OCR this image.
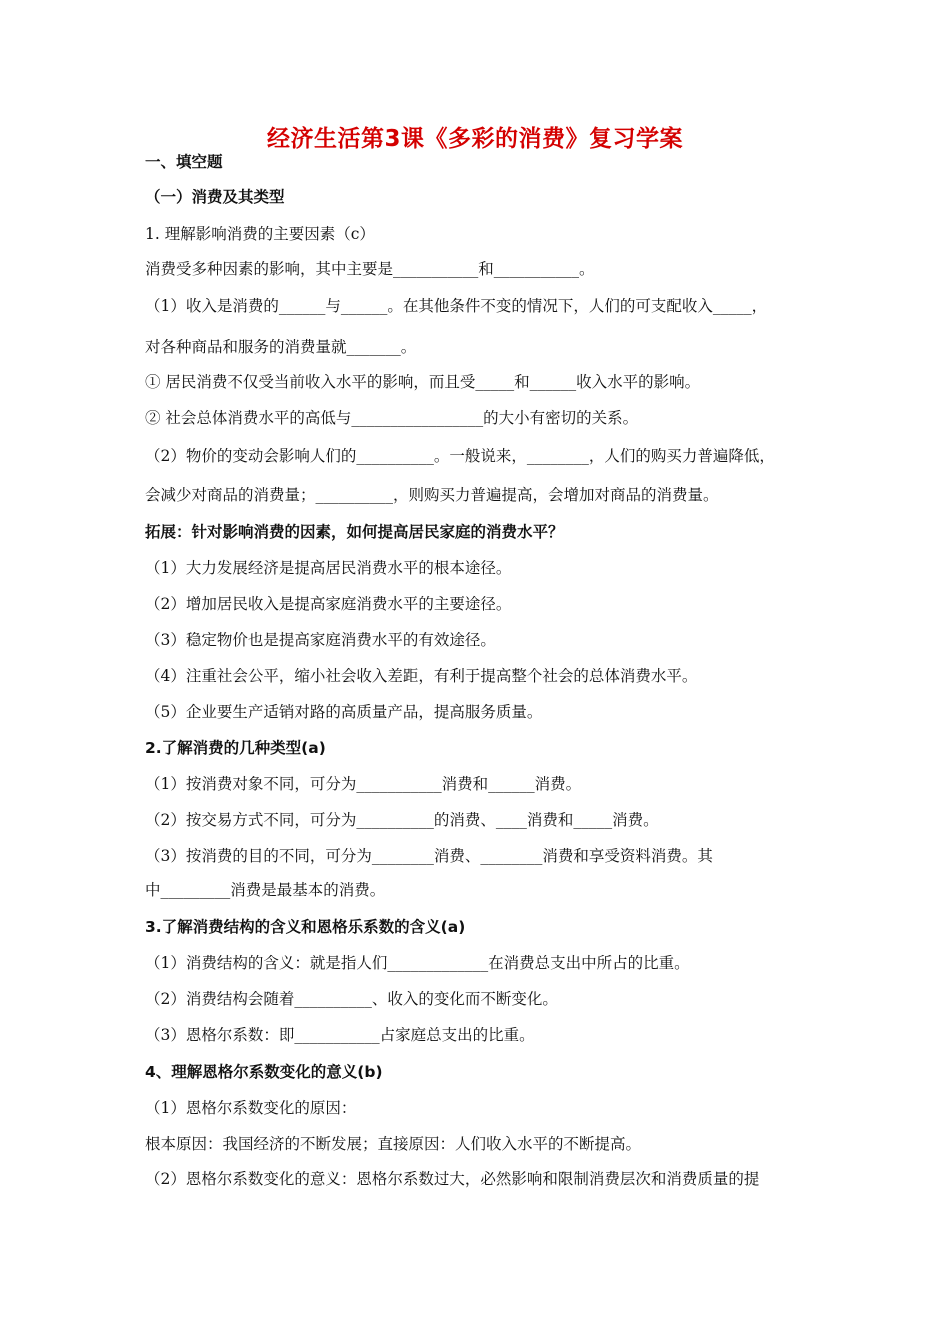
经济生活第3课《多彩的消费》复习学案
一、填空题
（一）消费及其类型
1. 理解影响消费的主要因素（c）
消费受多种因素的影响，其中主要是___________和___________。
（1）收入是消费的______与______。在其他条件不变的情况下，人们的可支配收入_____，
对各种商品和服务的消费量就_______。
① 居民消费不仅受当前收入水平的影响，而且受_____和______收入水平的影响。
② 社会总体消费水平的高低与_________________的大小有密切的关系。
（2）物价的变动会影响人们的__________。一般说来，________，人们的购买力普遍降低，
会减少对商品的消费量；__________，则购买力普遍提高，会增加对商品的消费量。
拓展：针对影响消费的因素，如何提高居民家庭的消费水平？
（1）大力发展经济是提高居民消费水平的根本途径。
（2）增加居民收入是提高家庭消费水平的主要途径。
（3）稳定物价也是提高家庭消费水平的有效途径。
（4）注重社会公平，缩小社会收入差距，有利于提高整个社会的总体消费水平。
（5）企业要生产适销对路的高质量产品，提高服务质量。
2.了解消费的几种类型(a)
（1）按消费对象不同，可分为___________消费和______消费。
（2）按交易方式不同，可分为__________的消费、____消费和_____消费。
（3）按消费的目的不同，可分为________消费、________消费和享受资料消费。其
中_________消费是最基本的消费。
3.了解消费结构的含义和恩格乐系数的含义(a)
（1）消费结构的含义：就是指人们_____________在消费总支出中所占的比重。
（2）消费结构会随着__________、收入的变化而不断变化。
（3）恩格尔系数：即___________占家庭总支出的比重。
4、理解恩格尔系数变化的意义(b)
（1）恩格尔系数变化的原因：
根本原因：我国经济的不断发展；直接原因：人们收入水平的不断提高。
（2）恩格尔系数变化的意义：恩格尔系数过大，必然影响和限制消费层次和消费质量的提
